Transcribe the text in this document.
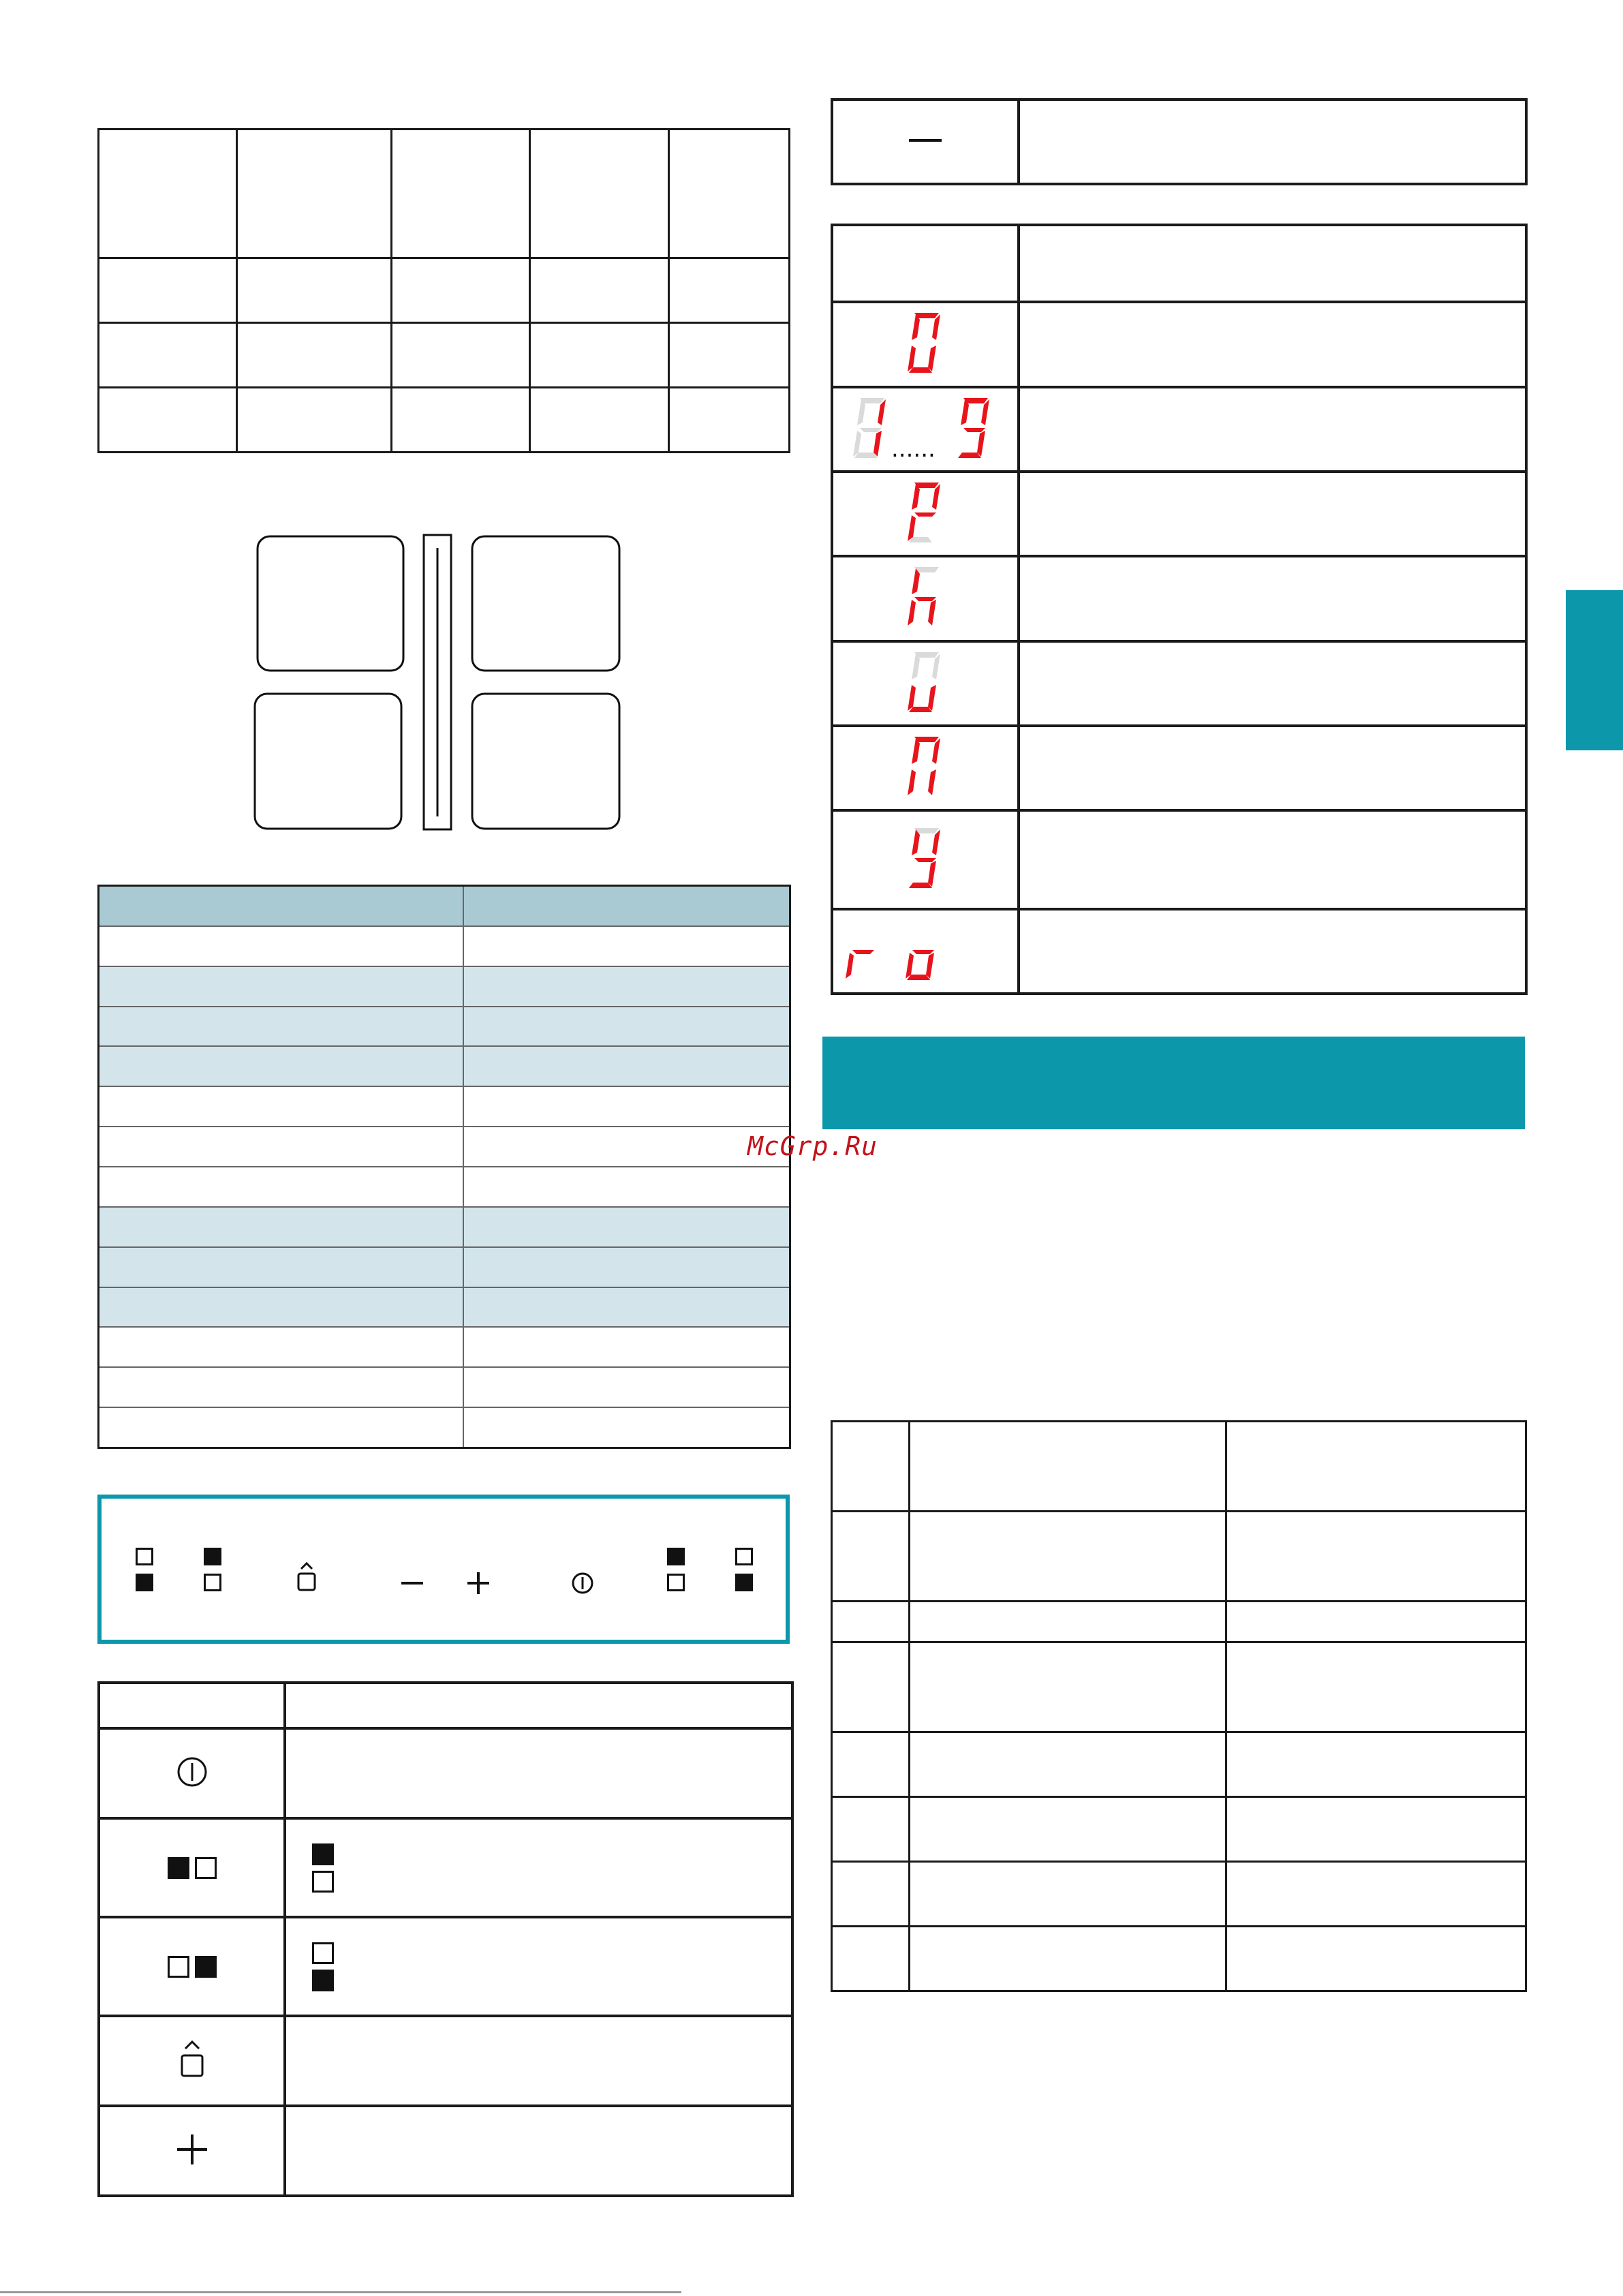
......	

McGrp.Ru
